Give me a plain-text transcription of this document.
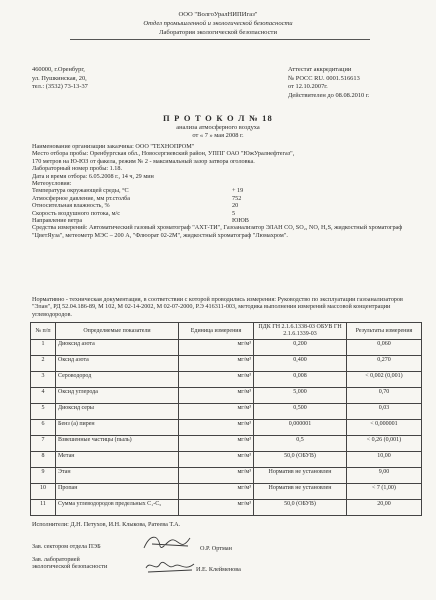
ООО "ВолгоУралНИПИгаз"
Отдел промышленной и экологической безопасности
Лаборатория экологической безопасности
460000, г.Оренбург,
ул. Пушкинская, 20,
тел.: (3532) 73-13-37
Аттестат аккредитации
№ РОСС RU. 0001.516613
от 12.10.2007г.
Действителен до 08.08.2010 г.
П Р О Т О К О Л № 18
анализа атмосферного воздуха
от « 7 » мая 2008 г.
Наименование организации заказчика: ООО "ТЕХНОПРОМ"
Место отбора пробы: Оренбургская обл., Новосергиевский район, УППГ ОАО "ЮжУралнефтегаз",
170 метров на Ю-ЮЗ от факела, режим № 2 - максимальный зазор затвора оголовка.
Лабораторный номер пробы: 1.18.
Дата и время отбора: 6.05.2008 г., 14 ч, 29 мин
Метеоусловия:
Температура окружающей среды, °С	+ 19
Атмосферное давление, мм рт.столба	752
Относительная влажность, %	20
Скорость воздушного потока, м/с	5
Направление ветра	ЮЮВ
Средства измерений: Автоматический газовый хроматограф "АХТ-ТИ", Газоанализатор ЭЛАН СО, SO₂, NO, H₂S, жидкостный хроматограф "ЦветЯуза", метеометр МЭС – 200 А, "Флюорат 02-2М", жидкостный хроматограф "Люмахром".
Нормативно - техническая документация, в соответствии с которой проводились измерения: Руководство по эксплуатации газоанализаторов "Элан", РД 52.04.186-89, М 102, М 02-14-2002, М 02-07-2000, Р.Э 416311-003, методика выполнения измерений массовой концентрации углеводородов.
№ п/п	Определяемые показатели	Единица измерения	ПДК ГН 2.1.6.1338-03 ОБУВ ГН 2.1.6.1339-03	Результаты измерения
1	Диоксид азота	мг/м³	0,200	0,060
2	Оксид азота	мг/м³	0,400	0,270
3	Сероводород	мг/м³	0,008	< 0,002 (0,001)
4	Оксид углерода	мг/м³	5,000	0,70
5	Диоксид серы	мг/м³	0,500	0,03
6	Бенз (а) пирен	мг/м³	0,000001	< 0,000001
7	Взвешенные частицы (пыль)	мг/м³	0,5	< 0,26 (0,001)
8	Метан	мг/м³	50,0 (ОБУВ)	10,00
9	Этан	мг/м³	Норматив не установлен	9,00
10	Пропан	мг/м³	Норматив не установлен	< 7 (1,00)
11	Сумма углеводородов предельных C₁-C₅	мг/м³	50,0 (ОБУВ)	20,00
Исполнители: Д.Н. Петухов, И.Н. Клыкова, Ратеева Т.А.
Зав. сектором отдела ПЭБ	О.Р. Ортман
Зав. лабораторией
экологической безопасности	И.Е. Клейменова
